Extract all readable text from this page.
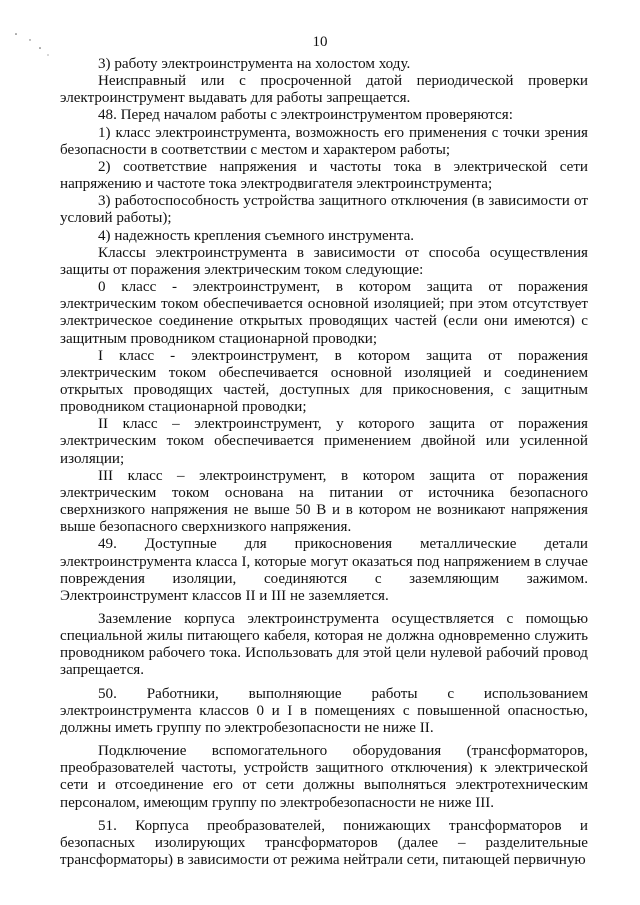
10

3) работу электроинструмента на холостом ходу.

Неисправный или с просроченной датой периодической проверки электроинструмент выдавать для работы запрещается.

48. Перед началом работы с электроинструментом проверяются:

1) класс электроинструмента, возможность его применения с точки зрения безопасности в соответствии с местом и характером работы;

2) соответствие напряжения и частоты тока в электрической сети напряжению и частоте тока электродвигателя электроинструмента;

3) работоспособность устройства защитного отключения (в зависимости от условий работы);

4) надежность крепления съемного инструмента.

Классы электроинструмента в зависимости от способа осуществления защиты от поражения электрическим током следующие:

0 класс - электроинструмент, в котором защита от поражения электрическим током обеспечивается основной изоляцией; при этом отсутствует электрическое соединение открытых проводящих частей (если они имеются) с защитным проводником стационарной проводки;

I класс - электроинструмент, в котором защита от поражения электрическим током обеспечивается основной изоляцией и соединением открытых проводящих частей, доступных для прикосновения, с защитным проводником стационарной проводки;

II класс – электроинструмент, у которого защита от поражения электрическим током обеспечивается применением двойной или усиленной изоляции;

III класс – электроинструмент, в котором защита от поражения электрическим током основана на питании от источника безопасного сверхнизкого напряжения не выше 50 В и в котором не возникают напряжения выше безопасного сверхнизкого напряжения.

49. Доступные для прикосновения металлические детали электроинструмента класса I, которые могут оказаться под напряжением в случае повреждения изоляции, соединяются с заземляющим зажимом. Электроинструмент классов II и III не заземляется.

Заземление корпуса электроинструмента осуществляется с помощью специальной жилы питающего кабеля, которая не должна одновременно служить проводником рабочего тока. Использовать для этой цели нулевой рабочий провод запрещается.

50. Работники, выполняющие работы с использованием электроинструмента классов 0 и I в помещениях с повышенной опасностью, должны иметь группу по электробезопасности не ниже II.

Подключение вспомогательного оборудования (трансформаторов, преобразователей частоты, устройств защитного отключения) к электрической сети и отсоединение его от сети должны выполняться электротехническим персоналом, имеющим группу по электробезопасности не ниже III.

51. Корпуса преобразователей, понижающих трансформаторов и безопасных изолирующих трансформаторов (далее – разделительные трансформаторы) в зависимости от режима нейтрали сети, питающей первичную
